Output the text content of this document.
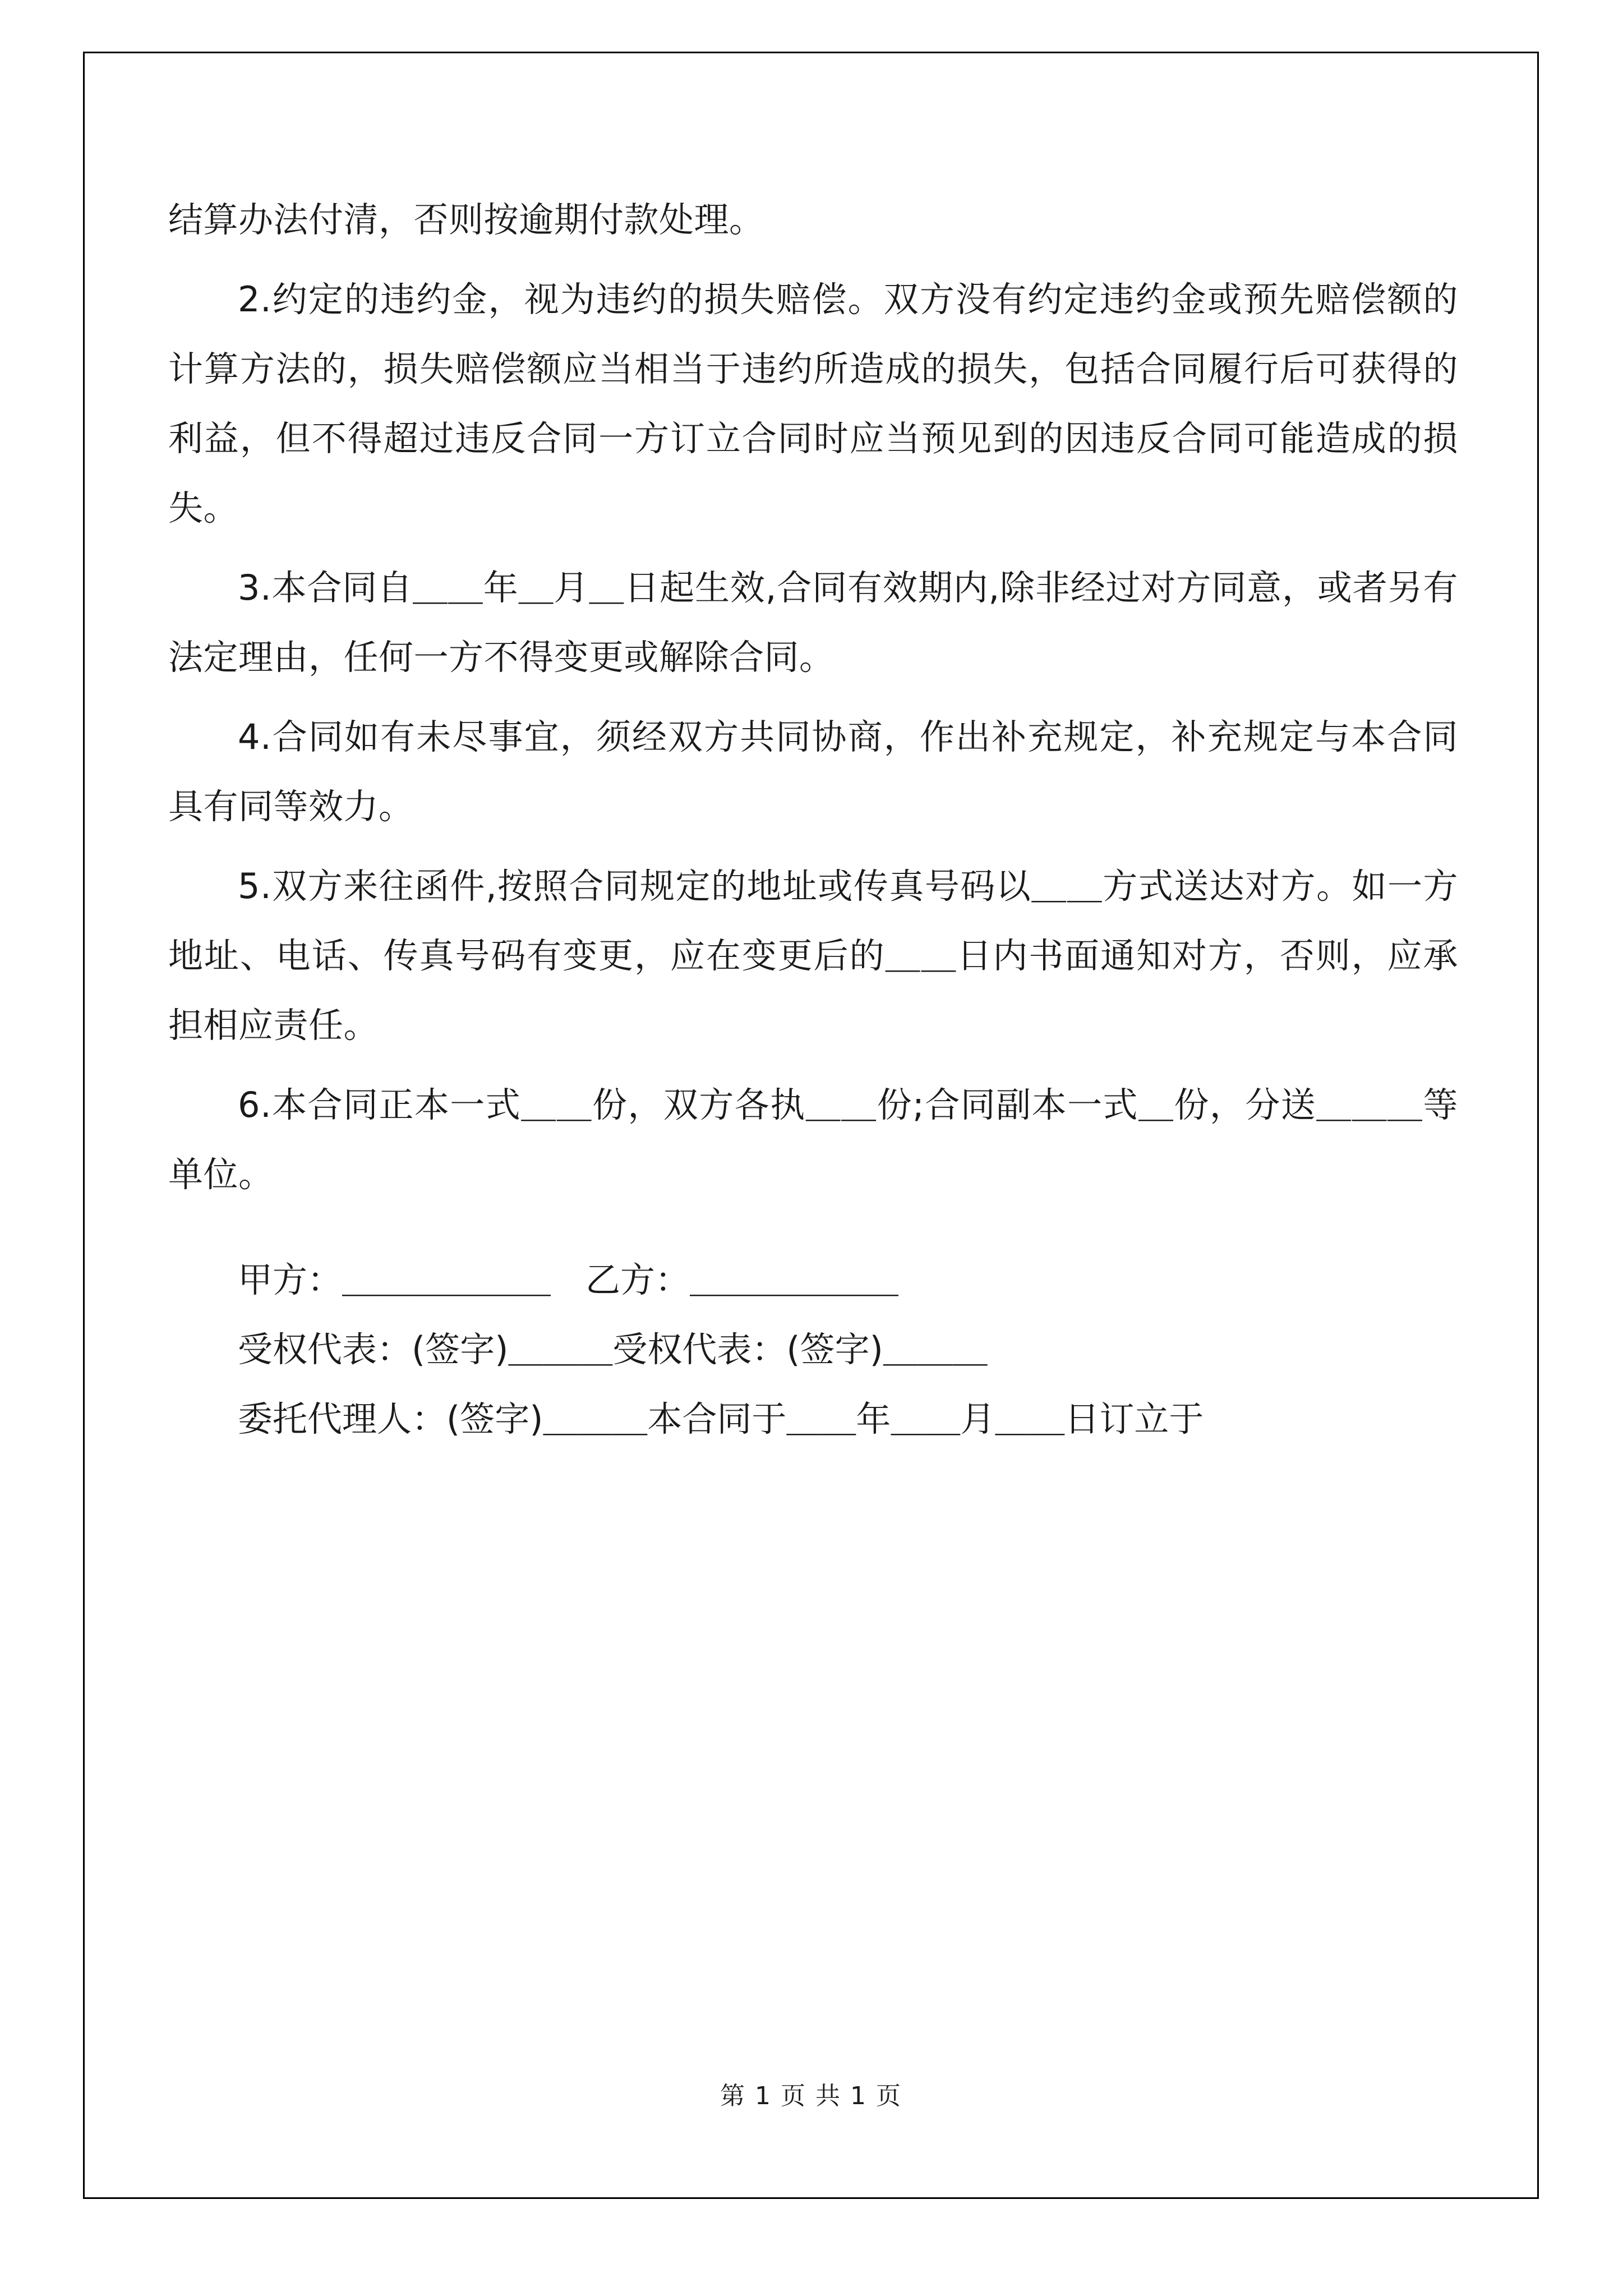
结算办法付清，否则按逾期付款处理。

2.约定的违约金，视为违约的损失赔偿。双方没有约定违约金或预先赔偿额的计算方法的，损失赔偿额应当相当于违约所造成的损失，包括合同履行后可获得的利益，但不得超过违反合同一方订立合同时应当预见到的因违反合同可能造成的损失。

3.本合同自＿＿年＿月＿日起生效,合同有效期内,除非经过对方同意，或者另有法定理由，任何一方不得变更或解除合同。

4.合同如有未尽事宜，须经双方共同协商，作出补充规定，补充规定与本合同具有同等效力。

5.双方来往函件,按照合同规定的地址或传真号码以＿＿方式送达对方。如一方地址、电话、传真号码有变更，应在变更后的＿＿日内书面通知对方，否则，应承担相应责任。

6.本合同正本一式＿＿份，双方各执＿＿份;合同副本一式＿份，分送＿＿＿等单位。

甲方：＿＿＿＿＿＿　乙方：＿＿＿＿＿＿

受权代表：(签字)＿＿＿受权代表：(签字)＿＿＿

委托代理人：(签字)＿＿＿本合同于＿＿年＿＿月＿＿日订立于

第 1 页 共 1 页
